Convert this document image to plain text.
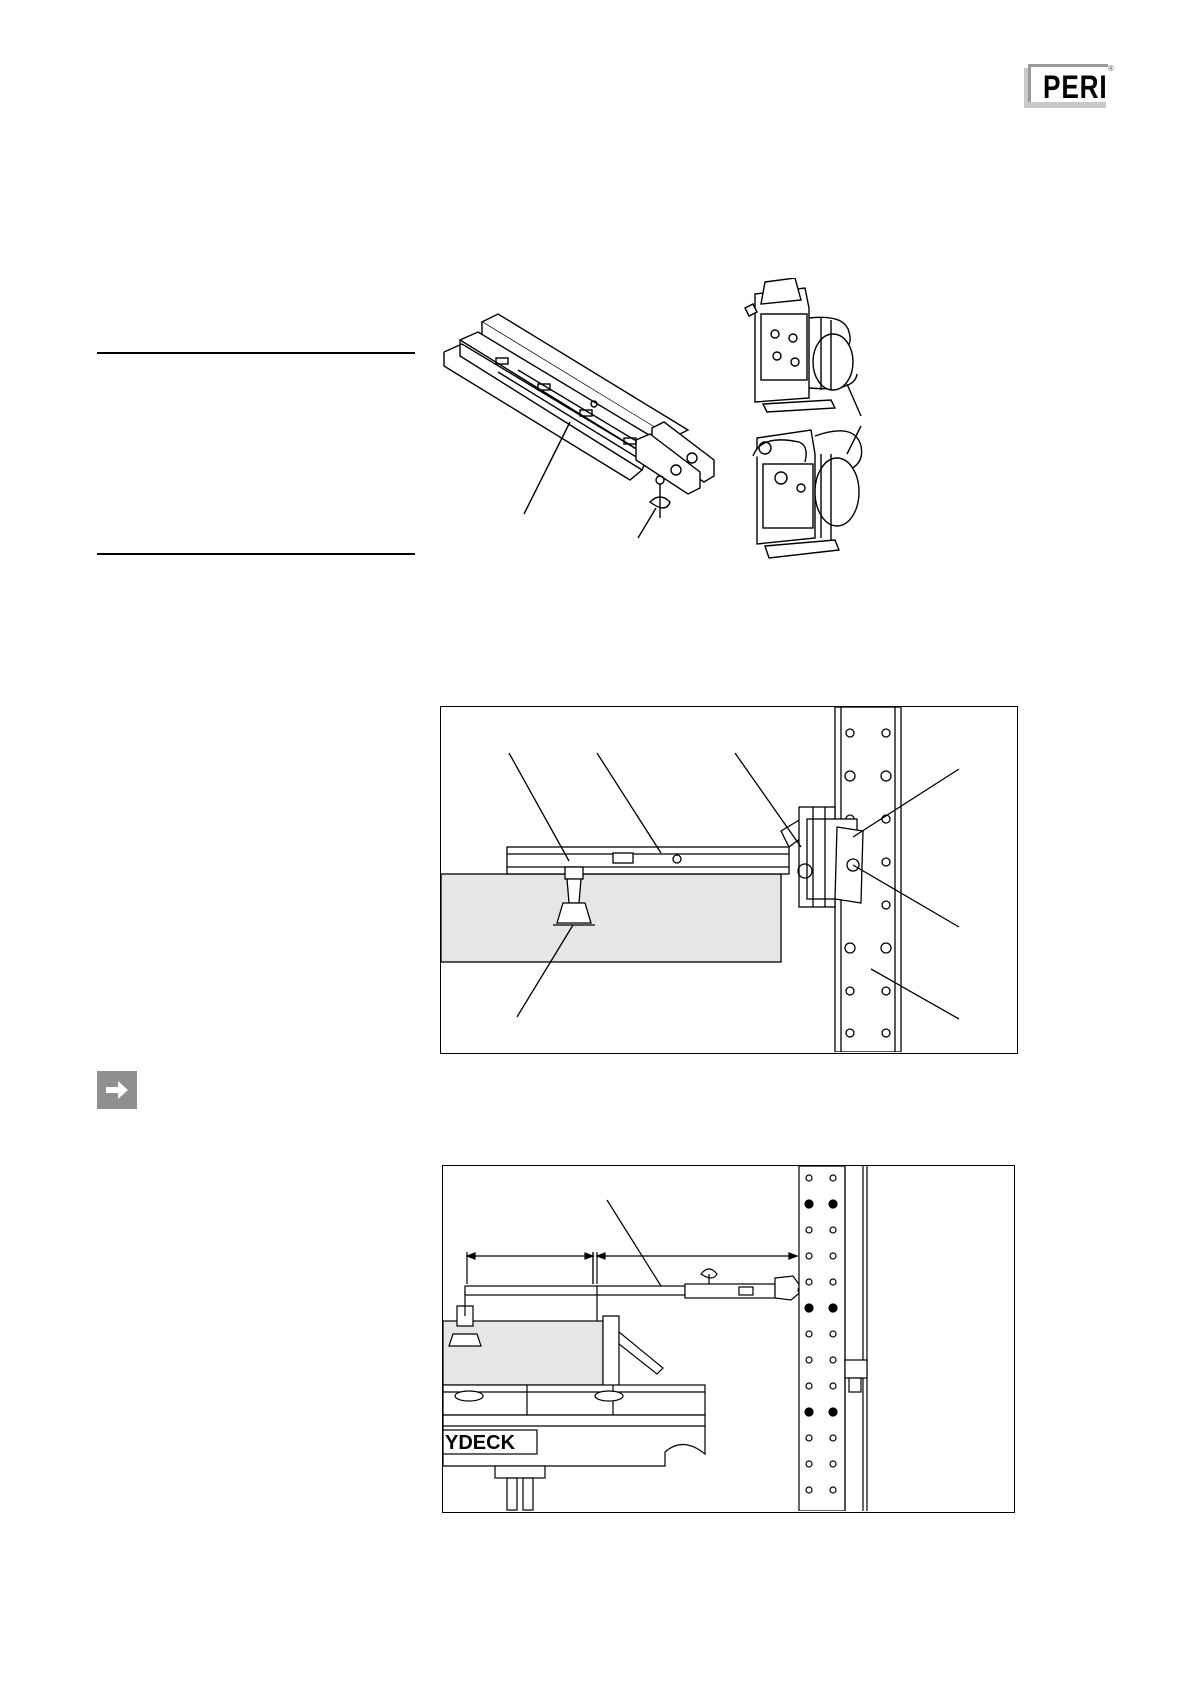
PERI
®
YDECK
